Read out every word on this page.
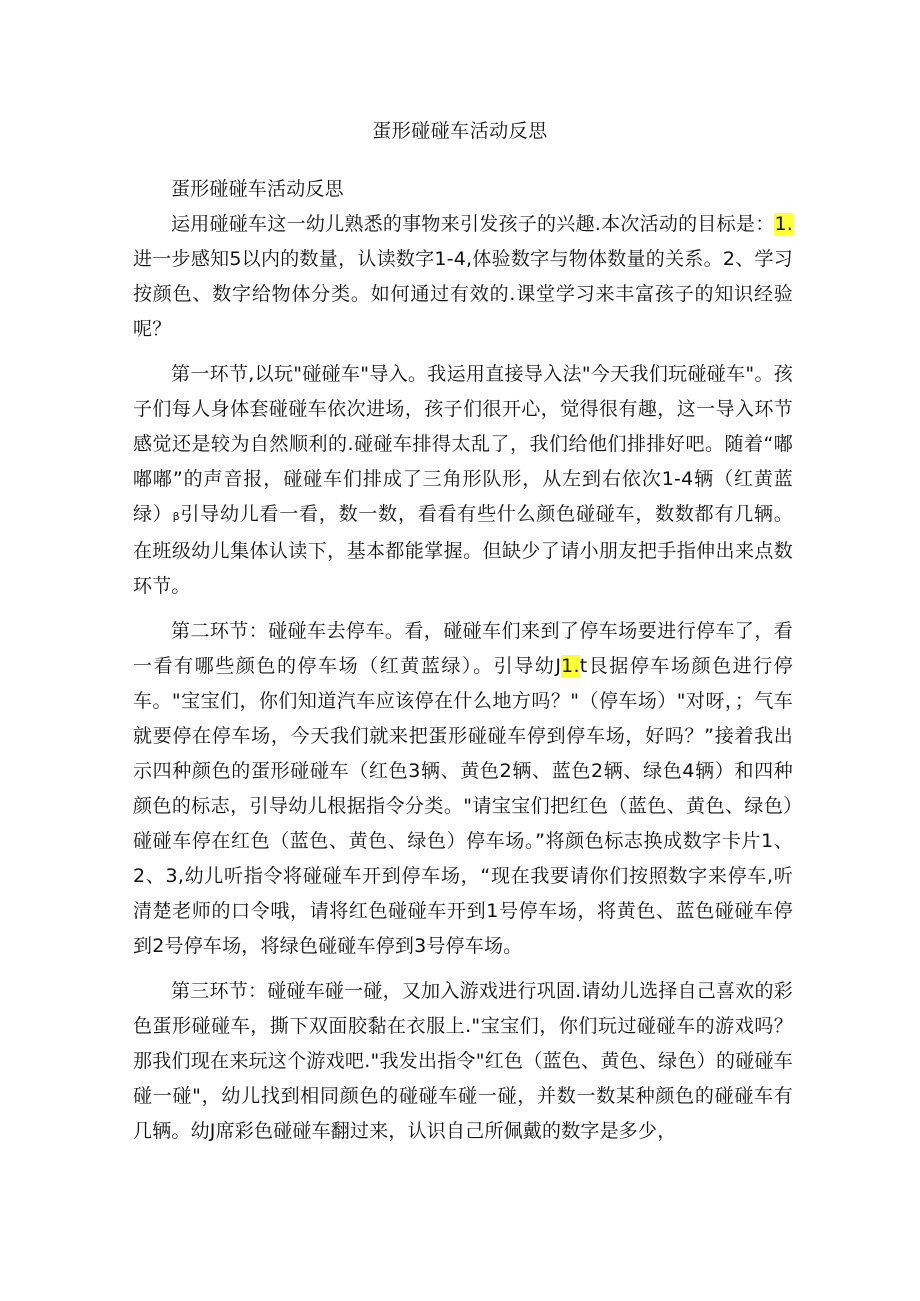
蛋形碰碰车活动反思

蛋形碰碰车活动反思

运用碰碰车这一幼儿熟悉的事物来引发孩子的兴趣.本次活动的目标是：1.进一步感知5以内的数量，认读数字1-4,体验数字与物体数量的关系。2、学习按颜色、数字给物体分类。如何通过有效的.课堂学习来丰富孩子的知识经验呢？

第一环节,以玩"碰碰车"导入。我运用直接导入法"今天我们玩碰碰车"。孩子们每人身体套碰碰车依次进场，孩子们很开心，觉得很有趣，这一导入环节感觉还是较为自然顺利的.碰碰车排得太乱了，我们给他们排排好吧。随着“嘟嘟嘟”的声音报，碰碰车们排成了三角形队形，从左到右依次1-4辆（红黄蓝绿）β引导幼儿看一看，数一数，看看有些什么颜色碰碰车，数数都有几辆。在班级幼儿集体认读下，基本都能掌握。但缺少了请小朋友把手指伸出来点数环节。

第二环节：碰碰车去停车。看，碰碰车们来到了停车场要进行停车了，看一看有哪些颜色的停车场（红黄蓝绿）。引导幼J1.t艮据停车场颜色进行停车。"宝宝们，你们知道汽车应该停在什么地方吗？"（停车场）"对呀，；气车就要停在停车场，今天我们就来把蛋形碰碰车停到停车场，好吗？”接着我出示四种颜色的蛋形碰碰车（红色3辆、黄色2辆、蓝色2辆、绿色4辆）和四种颜色的标志，引导幼儿根据指令分类。"请宝宝们把红色（蓝色、黄色、绿色）碰碰车停在红色（蓝色、黄色、绿色）停车场。”将颜色标志换成数字卡片1、2、3,幼儿听指令将碰碰车开到停车场，“现在我要请你们按照数字来停车,听清楚老师的口令哦，请将红色碰碰车开到1号停车场，将黄色、蓝色碰碰车停到2号停车场，将绿色碰碰车停到3号停车场。

第三环节：碰碰车碰一碰，又加入游戏进行巩固.请幼儿选择自己喜欢的彩色蛋形碰碰车，撕下双面胶黏在衣服上."宝宝们，你们玩过碰碰车的游戏吗？那我们现在来玩这个游戏吧."我发出指令"红色（蓝色、黄色、绿色）的碰碰车碰一碰"，幼儿找到相同颜色的碰碰车碰一碰，并数一数某种颜色的碰碰车有几辆。幼J席彩色碰碰车翻过来，认识自己所佩戴的数字是多少，
